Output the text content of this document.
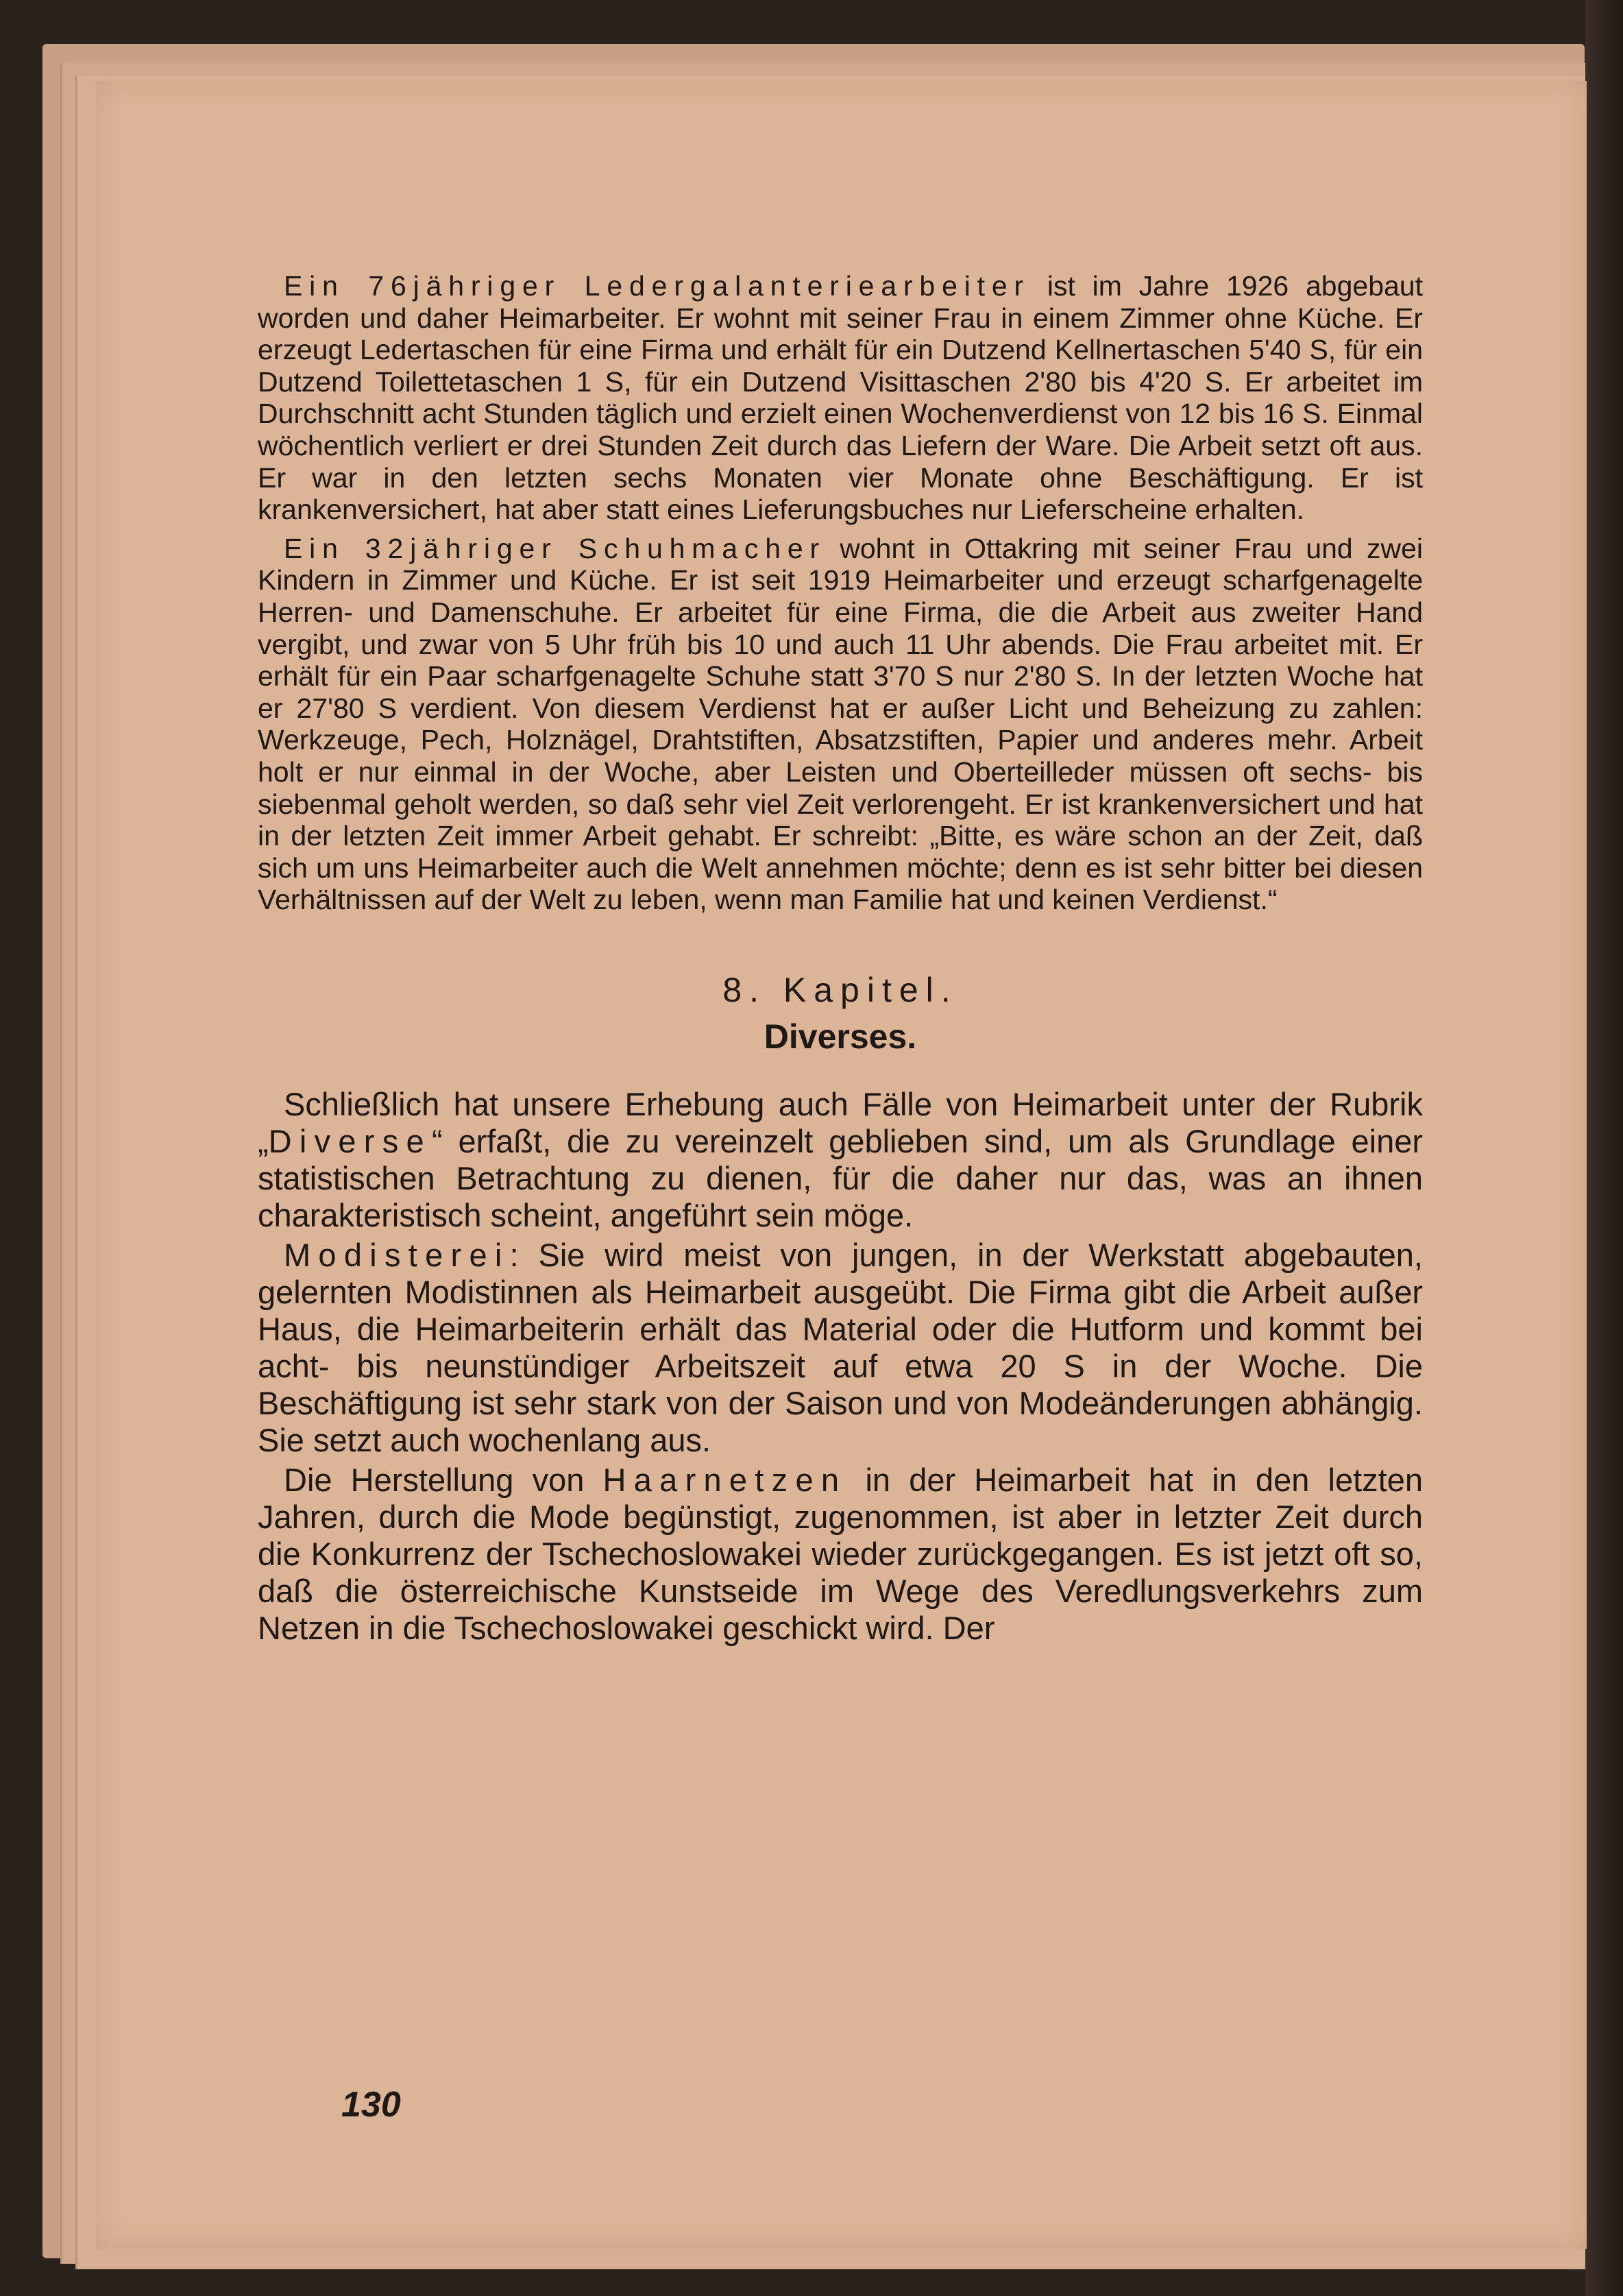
Ein 76jähriger Ledergalanteriearbeiter ist im Jahre 1926 abgebaut worden und daher Heimarbeiter. Er wohnt mit seiner Frau in einem Zimmer ohne Küche. Er erzeugt Ledertaschen für eine Firma und erhält für ein Dutzend Kellnertaschen 5'40 S, für ein Dutzend Toilettetaschen 1 S, für ein Dutzend Visittaschen 2'80 bis 4'20 S. Er arbeitet im Durchschnitt acht Stunden täglich und erzielt einen Wochenverdienst von 12 bis 16 S. Einmal wöchentlich verliert er drei Stunden Zeit durch das Liefern der Ware. Die Arbeit setzt oft aus. Er war in den letzten sechs Monaten vier Monate ohne Beschäftigung. Er ist krankenversichert, hat aber statt eines Lieferungsbuches nur Lieferscheine erhalten.

Ein 32jähriger Schuhmacher wohnt in Ottakring mit seiner Frau und zwei Kindern in Zimmer und Küche. Er ist seit 1919 Heimarbeiter und erzeugt scharfgenagelte Herren- und Damenschuhe. Er arbeitet für eine Firma, die die Arbeit aus zweiter Hand vergibt, und zwar von 5 Uhr früh bis 10 und auch 11 Uhr abends. Die Frau arbeitet mit. Er erhält für ein Paar scharfgenagelte Schuhe statt 3'70 S nur 2'80 S. In der letzten Woche hat er 27'80 S verdient. Von diesem Verdienst hat er außer Licht und Beheizung zu zahlen: Werkzeuge, Pech, Holznägel, Drahtstiften, Absatzstiften, Papier und anderes mehr. Arbeit holt er nur einmal in der Woche, aber Leisten und Oberteilleder müssen oft sechs- bis siebenmal geholt werden, so daß sehr viel Zeit verlorengeht. Er ist krankenversichert und hat in der letzten Zeit immer Arbeit gehabt. Er schreibt: „Bitte, es wäre schon an der Zeit, daß sich um uns Heimarbeiter auch die Welt annehmen möchte; denn es ist sehr bitter bei diesen Verhältnissen auf der Welt zu leben, wenn man Familie hat und keinen Verdienst.“

8. Kapitel.
Diverses.

Schließlich hat unsere Erhebung auch Fälle von Heimarbeit unter der Rubrik „Diverse“ erfaßt, die zu vereinzelt geblieben sind, um als Grundlage einer statistischen Betrachtung zu dienen, für die daher nur das, was an ihnen charakteristisch scheint, angeführt sein möge.

Modisterei: Sie wird meist von jungen, in der Werkstatt abgebauten, gelernten Modistinnen als Heimarbeit ausgeübt. Die Firma gibt die Arbeit außer Haus, die Heimarbeiterin erhält das Material oder die Hutform und kommt bei acht- bis neunstündiger Arbeitszeit auf etwa 20 S in der Woche. Die Beschäftigung ist sehr stark von der Saison und von Modeänderungen abhängig. Sie setzt auch wochenlang aus.

Die Herstellung von Haarnetzen in der Heimarbeit hat in den letzten Jahren, durch die Mode begünstigt, zugenommen, ist aber in letzter Zeit durch die Konkurrenz der Tschechoslowakei wieder zurückgegangen. Es ist jetzt oft so, daß die österreichische Kunstseide im Wege des Veredlungsverkehrs zum Netzen in die Tschechoslowakei geschickt wird. Der

130
